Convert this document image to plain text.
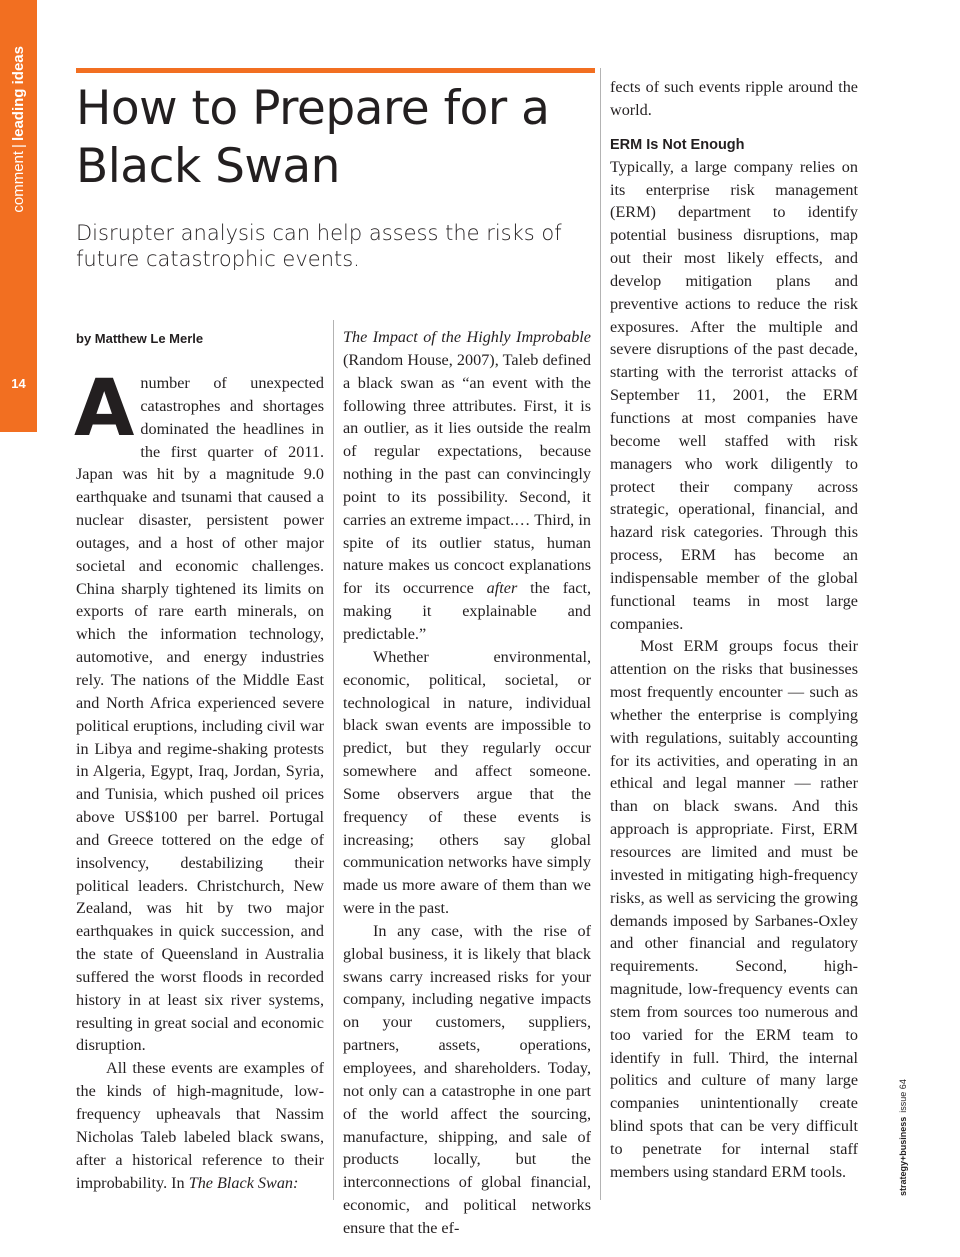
comment
|
leading ideas
14
How to Prepare for a Black Swan
Disrupter analysis can help assess the risks of future catastrophic events.
by Matthew Le Merle

A number of unexpected catastrophes and shortages dominated the headlines in the first quarter of 2011. Japan was hit by a magnitude 9.0 earthquake and tsunami that caused a nuclear disaster, persistent power outages, and a host of other major societal and economic challenges. China sharply tightened its limits on exports of rare earth minerals, on which the information technology, automotive, and energy industries rely. The nations of the Middle East and North Africa experienced severe political eruptions, including civil war in Libya and regime-shaking protests in Algeria, Egypt, Iraq, Jordan, Syria, and Tunisia, which pushed oil prices above US$100 per barrel. Portugal and Greece tottered on the edge of insolvency, destabilizing their political leaders. Christchurch, New Zealand, was hit by two major earthquakes in quick succession, and the state of Queensland in Australia suffered the worst floods in recorded history in at least six river systems, resulting in great social and economic disruption.

All these events are examples of the kinds of high-magnitude, low-frequency upheavals that Nassim Nicholas Taleb labeled black swans, after a historical reference to their improbability. In The Black Swan:

The Impact of the Highly Improbable (Random House, 2007), Taleb defined a black swan as “an event with the following three attributes. First, it is an outlier, as it lies outside the realm of regular expectations, because nothing in the past can convincingly point to its possibility. Second, it carries an extreme impact.… Third, in spite of its outlier status, human nature makes us concoct explanations for its occurrence after the fact, making it explainable and predictable.”

Whether environmental, economic, political, societal, or technological in nature, individual black swan events are impossible to predict, but they regularly occur somewhere and affect someone. Some observers argue that the frequency of these events is increasing; others say global communication networks have simply made us more aware of them than we were in the past.

In any case, with the rise of global business, it is likely that black swans carry increased risks for your company, including negative impacts on your customers, suppliers, partners, assets, operations, employees, and shareholders. Today, not only can a catastrophe in one part of the world affect the sourcing, manufacture, shipping, and sale of products locally, but the interconnections of global financial, economic, and political networks ensure that the ef-

fects of such events ripple around the world.

ERM Is Not Enough

Typically, a large company relies on its enterprise risk management (ERM) department to identify potential business disruptions, map out their most likely effects, and develop mitigation plans and preventive actions to reduce the risk exposures. After the multiple and severe disruptions of the past decade, starting with the terrorist attacks of September 11, 2001, the ERM functions at most companies have become well staffed with risk managers who work diligently to protect their company across strategic, operational, financial, and hazard risk categories. Through this process, ERM has become an indispensable member of the global functional teams in most large companies.

Most ERM groups focus their attention on the risks that businesses most frequently encounter — such as whether the enterprise is complying with regulations, suitably accounting for its activities, and operating in an ethical and legal manner — rather than on black swans. And this approach is appropriate. First, ERM resources are limited and must be invested in mitigating high-frequency risks, as well as servicing the growing demands imposed by Sarbanes-Oxley and other financial and regulatory requirements. Second, high-magnitude, low-frequency events can stem from sources too numerous and too varied for the ERM team to identify in full. Third, the internal politics and culture of many large companies unintentionally create blind spots that can be very difficult to penetrate for internal staff members using standard ERM tools.	strategy+business
issue 64
